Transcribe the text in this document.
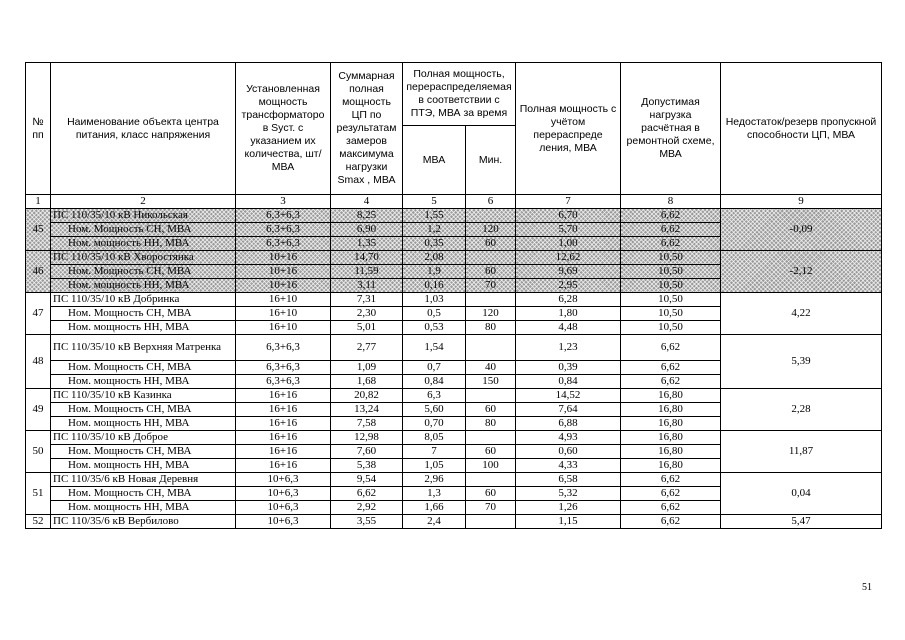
№ пп	Наименование объекта центра питания, класс напряжения	Установленная мощность трансформаторо в Sуст. с указанием их количества, шт/ МВА	Суммарная полная мощность ЦП по результатам замеров максимума нагрузки Smax , МВА	Полная мощность, перераспределяемая в соответствии с ПТЭ, МВА за время		Полная мощность с учётом перераспреде ления, МВА	Допустимая нагрузка расчётная в ремонтной схеме, МВА	Недостаток/резерв пропускной способности ЦП, МВА
				МВА	Мин.			
1	2	3	4	5	6	7	8	9
45	ПС 110/35/10 кВ Никольская	6,3+6,3	8,25	1,55		6,70	6,62	-0,09
	Ном. Мощность СН, МВА	6,3+6,3	6,90	1,2	120	5,70	6,62	
	Ном. мощность НН, МВА	6,3+6,3	1,35	0,35	60	1,00	6,62	
46	ПС 110/35/10 кВ Хворостянка	10+16	14,70	2,08		12,62	10,50	-2,12
	Ном. Мощность СН, МВА	10+16	11,59	1,9	60	9,69	10,50	
	Ном. мощность НН, МВА	10+16	3,11	0,16	70	2,95	10,50	
47	ПС 110/35/10 кВ Добринка	16+10	7,31	1,03		6,28	10,50	4,22
	Ном. Мощность СН, МВА	16+10	2,30	0,5	120	1,80	10,50	
	Ном. мощность НН, МВА	16+10	5,01	0,53	80	4,48	10,50	
48	ПС 110/35/10 кВ Верхняя Матренка	6,3+6,3	2,77	1,54		1,23	6,62	5,39
	Ном. Мощность СН, МВА	6,3+6,3	1,09	0,7	40	0,39	6,62	
	Ном. мощность НН, МВА	6,3+6,3	1,68	0,84	150	0,84	6,62	
49	ПС 110/35/10 кВ Казинка	16+16	20,82	6,3		14,52	16,80	2,28
	Ном. Мощность СН, МВА	16+16	13,24	5,60	60	7,64	16,80	
	Ном. мощность НН, МВА	16+16	7,58	0,70	80	6,88	16,80	
50	ПС 110/35/10 кВ Доброе	16+16	12,98	8,05		4,93	16,80	11,87
	Ном. Мощность СН, МВА	16+16	7,60	7	60	0,60	16,80	
	Ном. мощность НН, МВА	16+16	5,38	1,05	100	4,33	16,80	
51	ПС 110/35/6 кВ Новая Деревня	10+6,3	9,54	2,96		6,58	6,62	0,04
	Ном. Мощность СН, МВА	10+6,3	6,62	1,3	60	5,32	6,62	
	Ном. мощность НН, МВА	10+6,3	2,92	1,66	70	1,26	6,62	
52	ПС 110/35/6 кВ Вербилово	10+6,3	3,55	2,4		1,15	6,62	5,47
51
